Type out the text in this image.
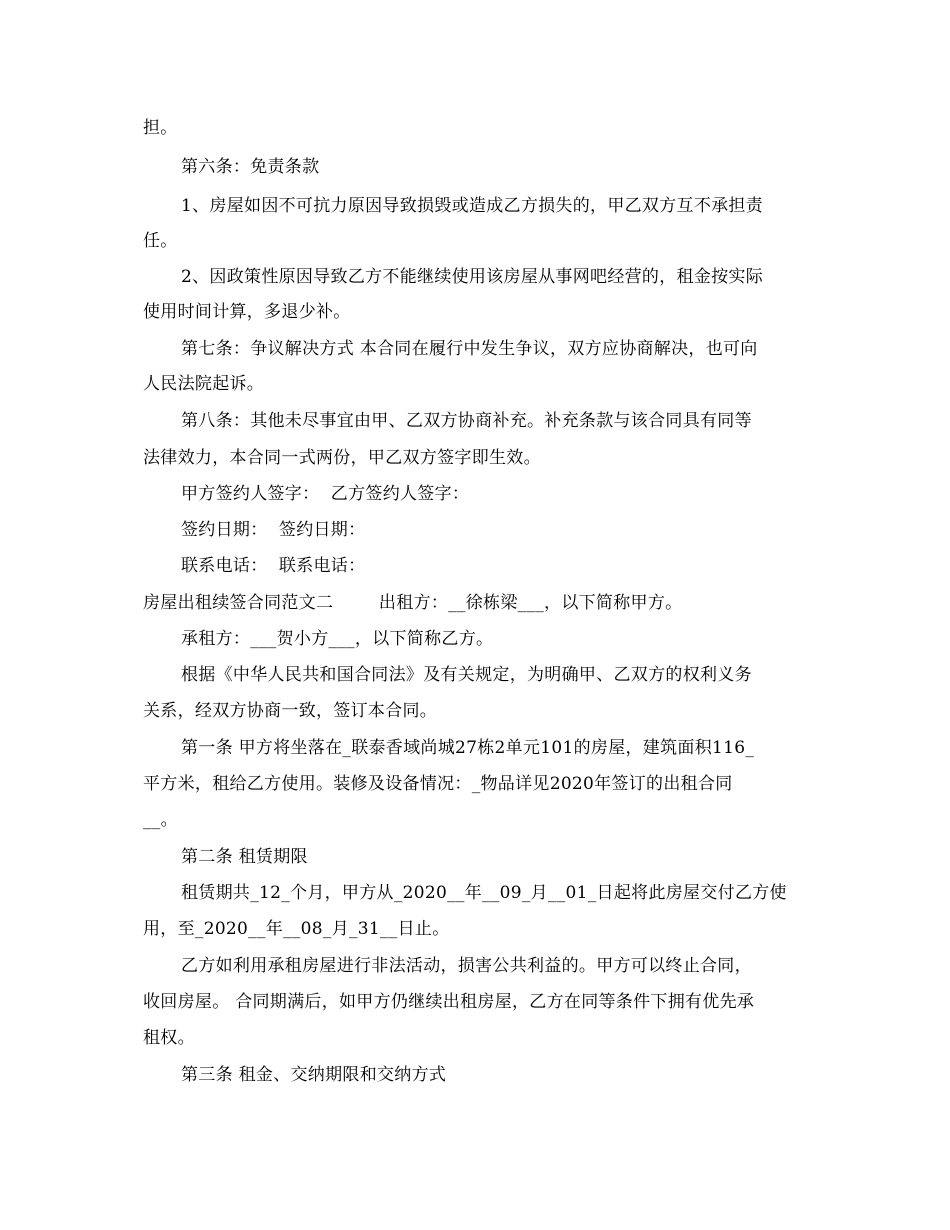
担。
第六条：免责条款
1、房屋如因不可抗力原因导致损毁或造成乙方损失的，甲乙双方互不承担责
任。
2、因政策性原因导致乙方不能继续使用该房屋从事网吧经营的，租金按实际
使用时间计算，多退少补。
第七条：争议解决方式 本合同在履行中发生争议，双方应协商解决，也可向
人民法院起诉。
第八条：其他未尽事宜由甲、乙双方协商补充。补充条款与该合同具有同等
法律效力，本合同一式两份，甲乙双方签字即生效。
甲方签约人签字：  乙方签约人签字：
签约日期：  签约日期：
联系电话：  联系电话：
房屋出租续签合同范文二        出租方：__徐栋梁___，以下简称甲方。
承租方：___贺小方___，以下简称乙方。
根据《中华人民共和国合同法》及有关规定，为明确甲、乙双方的权利义务
关系，经双方协商一致，签订本合同。
第一条 甲方将坐落在_联泰香域尚城27栋2单元101的房屋，建筑面积116_
平方米，租给乙方使用。装修及设备情况：_物品详见2020年签订的出租合同
__。
第二条 租赁期限
租赁期共_12_个月，甲方从_2020__年__09_月__01_日起将此房屋交付乙方使
用，至_2020__年__08_月_31__日止。
乙方如利用承租房屋进行非法活动，损害公共利益的。甲方可以终止合同，
收回房屋。 合同期满后，如甲方仍继续出租房屋，乙方在同等条件下拥有优先承
租权。
第三条 租金、交纳期限和交纳方式
